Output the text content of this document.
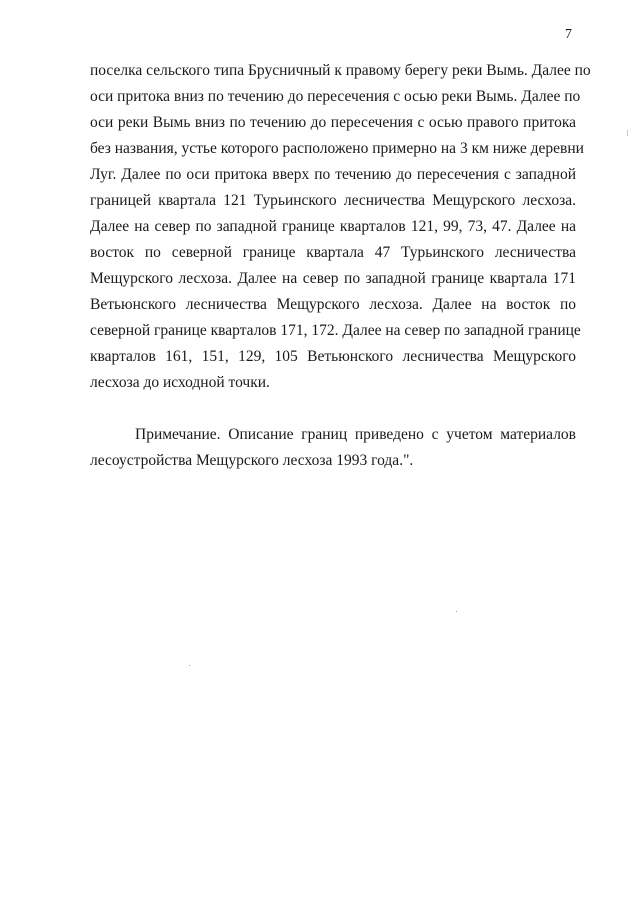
7
поселка сельского типа Брусничный к правому берегу реки Вымь. Далее по
оси притока вниз по течению до пересечения с осью реки Вымь. Далее по
оси реки Вымь вниз по течению до пересечения с осью правого притока
без названия, устье которого расположено примерно на 3 км ниже деревни
Луг. Далее по оси притока вверх по течению до пересечения с западной
границей квартала 121 Турьинского лесничества Мещурского лесхоза.
Далее на север по западной границе кварталов 121, 99, 73, 47. Далее на
восток по северной границе квартала 47 Турьинского лесничества
Мещурского лесхоза. Далее на север по западной границе квартала 171
Ветьюнского лесничества Мещурского лесхоза. Далее на восток по
северной границе кварталов 171, 172. Далее на север по западной границе
кварталов 161, 151, 129, 105 Ветьюнского лесничества Мещурского
лесхоза до исходной точки.
Примечание. Описание границ приведено с учетом материалов
лесоустройства Мещурского лесхоза 1993 года.".
